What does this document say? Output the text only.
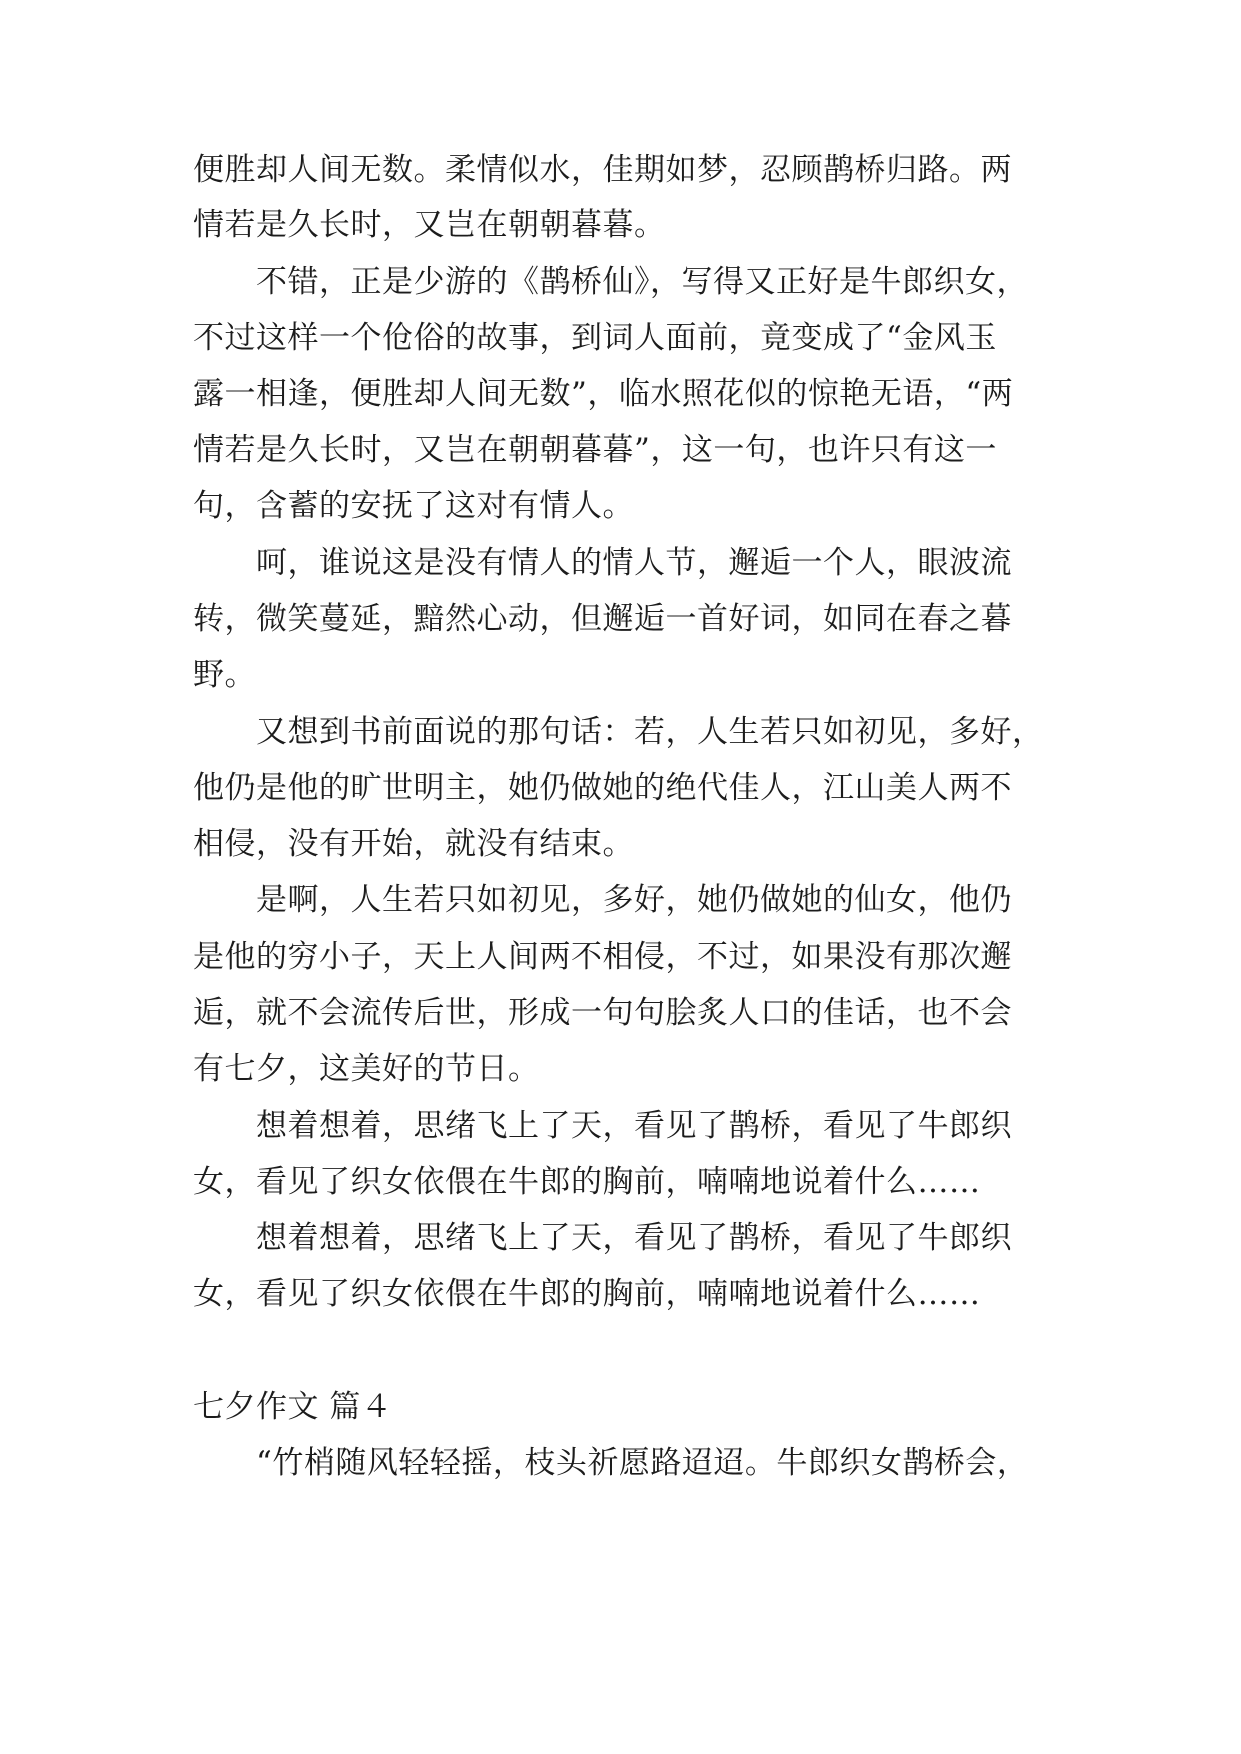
便胜却人间无数。柔情似水，佳期如梦，忍顾鹊桥归路。两
情若是久长时，又岂在朝朝暮暮。
　　不错，正是少游的《鹊桥仙》，写得又正好是牛郎织女，
不过这样一个伧俗的故事，到词人面前，竟变成了“金风玉
露一相逢，便胜却人间无数”，临水照花似的惊艳无语，“两
情若是久长时，又岂在朝朝暮暮”，这一句，也许只有这一
句，含蓄的安抚了这对有情人。
　　呵，谁说这是没有情人的情人节，邂逅一个人，眼波流
转，微笑蔓延，黯然心动，但邂逅一首好词，如同在春之暮
野。
　　又想到书前面说的那句话：若，人生若只如初见，多好，
他仍是他的旷世明主，她仍做她的绝代佳人，江山美人两不
相侵，没有开始，就没有结束。
　　是啊，人生若只如初见，多好，她仍做她的仙女，他仍
是他的穷小子，天上人间两不相侵，不过，如果没有那次邂
逅，就不会流传后世，形成一句句脍炙人口的佳话，也不会
有七夕，这美好的节日。
　　想着想着，思绪飞上了天，看见了鹊桥，看见了牛郎织
女，看见了织女依偎在牛郎的胸前，喃喃地说着什么……
　　想着想着，思绪飞上了天，看见了鹊桥，看见了牛郎织
女，看见了织女依偎在牛郎的胸前，喃喃地说着什么……
七夕作文 篇４
　　“竹梢随风轻轻摇，枝头祈愿路迢迢。牛郎织女鹊桥会，
